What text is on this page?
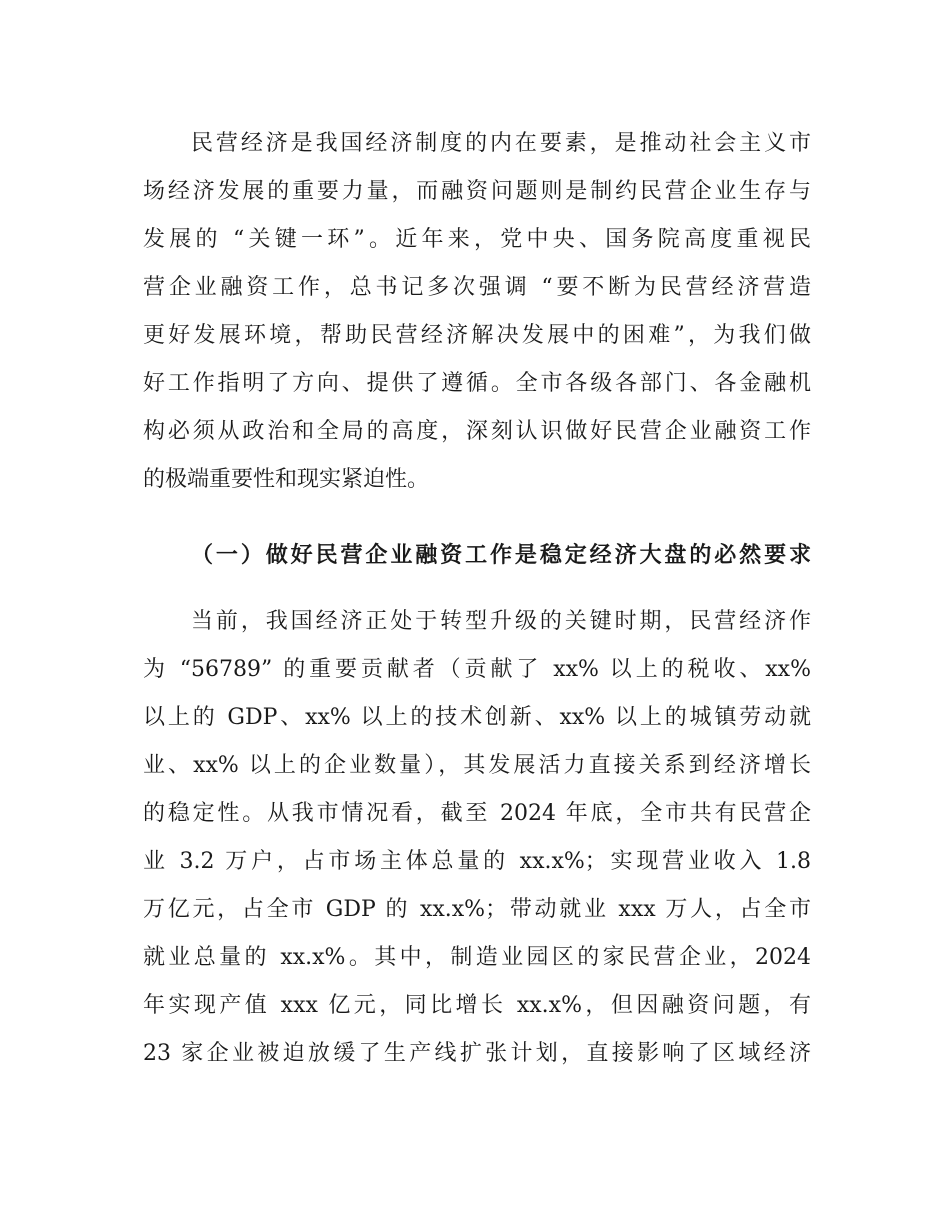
民营经济是我国经济制度的内在要素，是推动社会主义市
场经济发展的重要力量，而融资问题则是制约民营企业生存与
发展的 “关键一环”。近年来，党中央、国务院高度重视民
营企业融资工作，总书记多次强调 “要不断为民营经济营造
更好发展环境，帮助民营经济解决发展中的困难”，为我们做
好工作指明了方向、提供了遵循。全市各级各部门、各金融机
构必须从政治和全局的高度，深刻认识做好民营企业融资工作
的极端重要性和现实紧迫性。
（一）做好民营企业融资工作是稳定经济大盘的必然要求
当前，我国经济正处于转型升级的关键时期，民营经济作
为 “56789” 的重要贡献者（贡献了 xx% 以上的税收、xx%
以上的 GDP、xx% 以上的技术创新、xx% 以上的城镇劳动就
业、xx% 以上的企业数量），其发展活力直接关系到经济增长
的稳定性。从我市情况看，截至 2024 年底，全市共有民营企
业 3.2 万户，占市场主体总量的 xx.x%；实现营业收入 1.8
万亿元，占全市 GDP 的 xx.x%；带动就业 xxx 万人，占全市
就业总量的 xx.x%。其中，制造业园区的家民营企业，2024
年实现产值 xxx 亿元，同比增长 xx.x%，但因融资问题，有
23 家企业被迫放缓了生产线扩张计划，直接影响了区域经济
